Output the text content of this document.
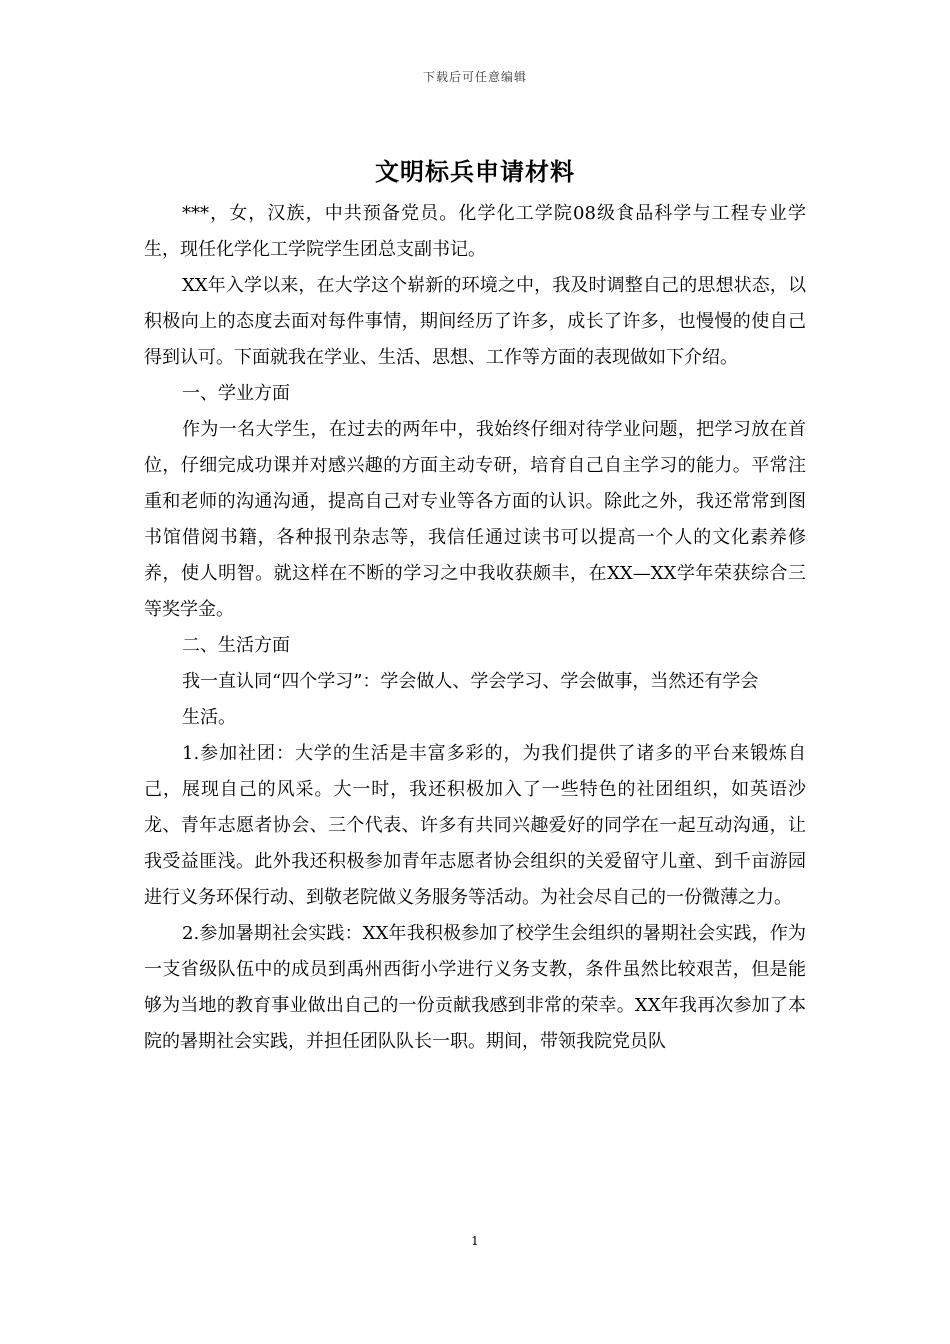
下载后可任意编辑
文明标兵申请材料

***，女，汉族，中共预备党员。化学化工学院08级食品科学与工程专业学生，现任化学化工学院学生团总支副书记。

XX年入学以来，在大学这个崭新的环境之中，我及时调整自己的思想状态，以积极向上的态度去面对每件事情，期间经历了许多，成长了许多，也慢慢的使自己得到认可。下面就我在学业、生活、思想、工作等方面的表现做如下介绍。

一、学业方面

作为一名大学生，在过去的两年中，我始终仔细对待学业问题，把学习放在首位，仔细完成功课并对感兴趣的方面主动专研，培育自己自主学习的能力。平常注重和老师的沟通沟通，提高自己对专业等各方面的认识。除此之外，我还常常到图书馆借阅书籍，各种报刊杂志等，我信任通过读书可以提高一个人的文化素养修养，使人明智。就这样在不断的学习之中我收获颇丰，在XX—XX学年荣获综合三等奖学金。

二、生活方面

我一直认同“四个学习”：学会做人、学会学习、学会做事，当然还有学会

生活。

1.参加社团：大学的生活是丰富多彩的，为我们提供了诸多的平台来锻炼自己，展现自己的风采。大一时，我还积极加入了一些特色的社团组织，如英语沙龙、青年志愿者协会、三个代表、许多有共同兴趣爱好的同学在一起互动沟通，让我受益匪浅。此外我还积极参加青年志愿者协会组织的关爱留守儿童、到千亩游园进行义务环保行动、到敬老院做义务服务等活动。为社会尽自己的一份微薄之力。

2.参加暑期社会实践：XX年我积极参加了校学生会组织的暑期社会实践，作为一支省级队伍中的成员到禹州西街小学进行义务支教，条件虽然比较艰苦，但是能够为当地的教育事业做出自己的一份贡献我感到非常的荣幸。XX年我再次参加了本院的暑期社会实践，并担任团队队长一职。期间，带领我院党员队

1
